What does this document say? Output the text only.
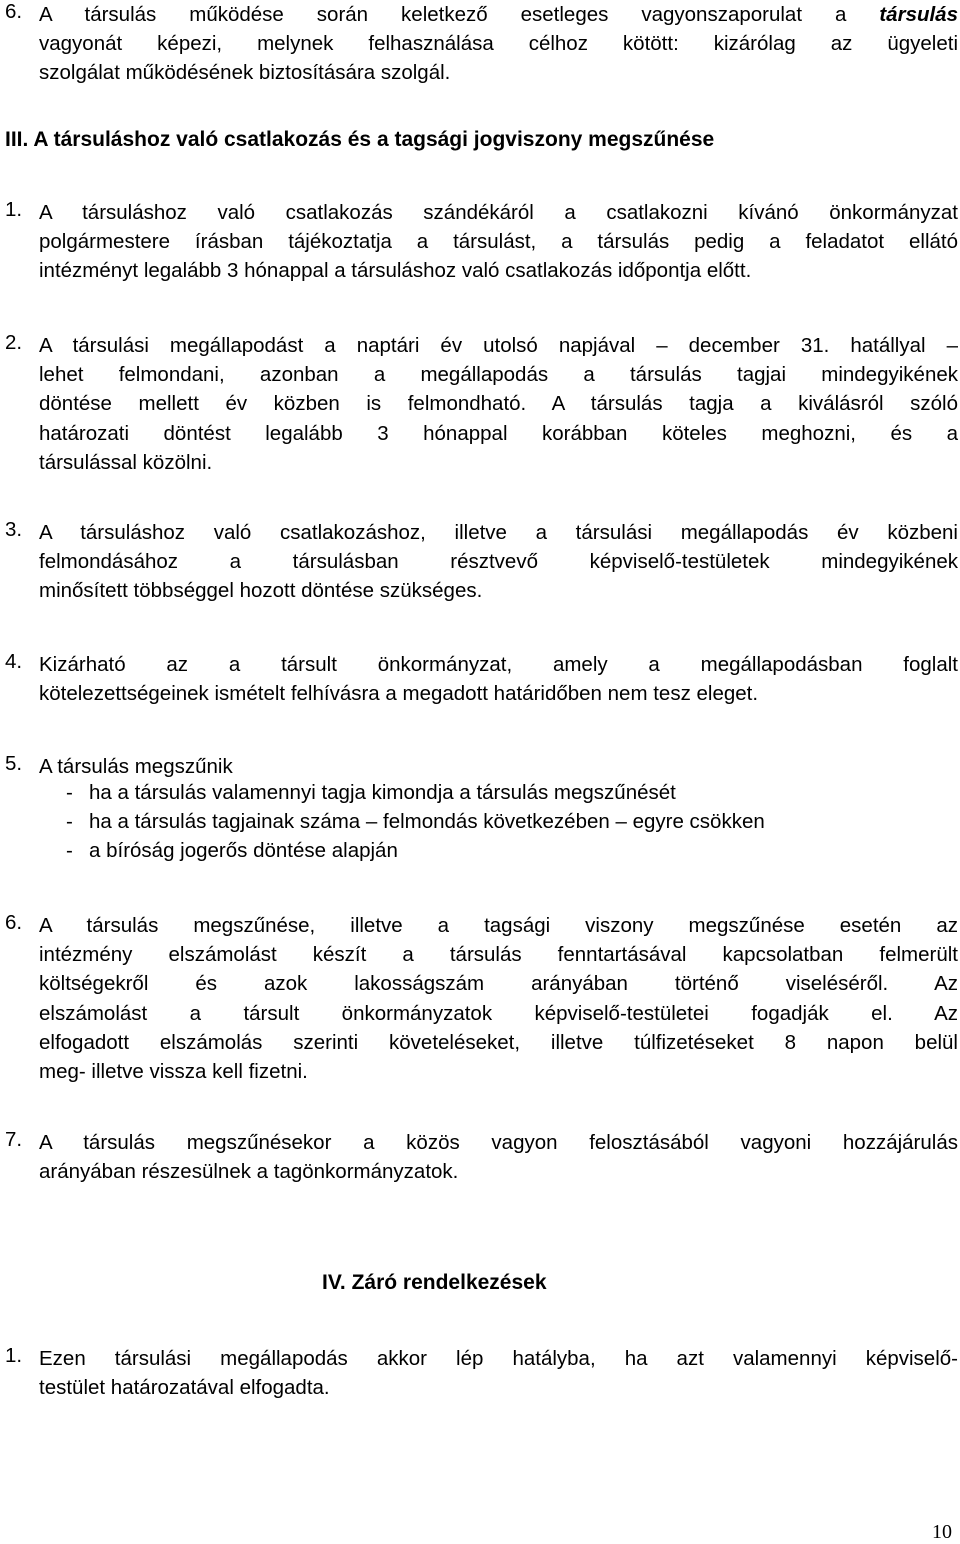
6. A társulás működése során keletkező esetleges vagyonszaporulat a társulás
vagyonát képezi, melynek felhasználása célhoz kötött: kizárólag az ügyeleti
szolgálat működésének biztosítására szolgál.
III. A társuláshoz való csatlakozás és a tagsági jogviszony megszűnése
1. A társuláshoz való csatlakozás szándékáról a csatlakozni kívánó önkormányzat
polgármestere írásban tájékoztatja a társulást, a társulás pedig a feladatot ellátó
intézményt legalább 3 hónappal a társuláshoz való csatlakozás időpontja előtt.
2. A társulási megállapodást a naptári év utolsó napjával – december 31. hatállyal –
lehet felmondani, azonban a megállapodás a társulás tagjai mindegyikének
döntése mellett év közben is felmondható. A társulás tagja a kiválásról szóló
határozati döntést legalább 3 hónappal korábban köteles meghozni, és a
társulással közölni.
3. A társuláshoz való csatlakozáshoz, illetve a társulási megállapodás év közbeni
felmondásához a társulásban résztvevő képviselő-testületek mindegyikének
minősített többséggel hozott döntése szükséges.
4. Kizárható az a társult önkormányzat, amely a megállapodásban foglalt
kötelezettségeinek ismételt felhívásra a megadott határidőben nem tesz eleget.
5. A társulás megszűnik
- ha a társulás valamennyi tagja kimondja a társulás megszűnését
- ha a társulás tagjainak száma – felmondás következében – egyre csökken
- a bíróság jogerős döntése alapján
6. A társulás megszűnése, illetve a tagsági viszony megszűnése esetén az
intézmény elszámolást készít a társulás fenntartásával kapcsolatban felmerült
költségekről és azok lakosságszám arányában történő viseléséről. Az
elszámolást a társult önkormányzatok képviselő-testületei fogadják el. Az
elfogadott elszámolás szerinti követeléseket, illetve túlfizetéseket 8 napon belül
meg- illetve vissza kell fizetni.
7. A társulás megszűnésekor a közös vagyon felosztásából vagyoni hozzájárulás
arányában részesülnek a tagönkormányzatok.
IV. Záró rendelkezések
1. Ezen társulási megállapodás akkor lép hatályba, ha azt valamennyi képviselő-
testület határozatával elfogadta.
10
